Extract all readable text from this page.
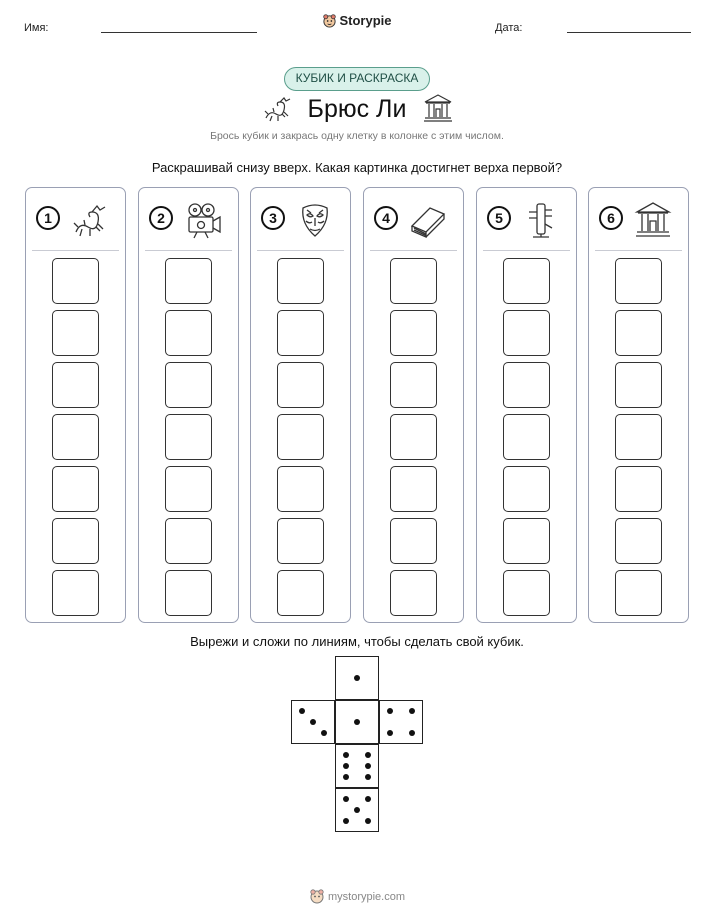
Имя:	Storypie	Дата:
КУБИК И РАСКРАСКА
Брюс Ли
Брось кубик и закрась одну клетку в колонке с этим числом.
Раскрашивай снизу вверх. Какая картинка достигнет верха первой?
1	2	3	4	5	6
Вырежи и сложи по линиям, чтобы сделать свой кубик.
mystorypie.com
